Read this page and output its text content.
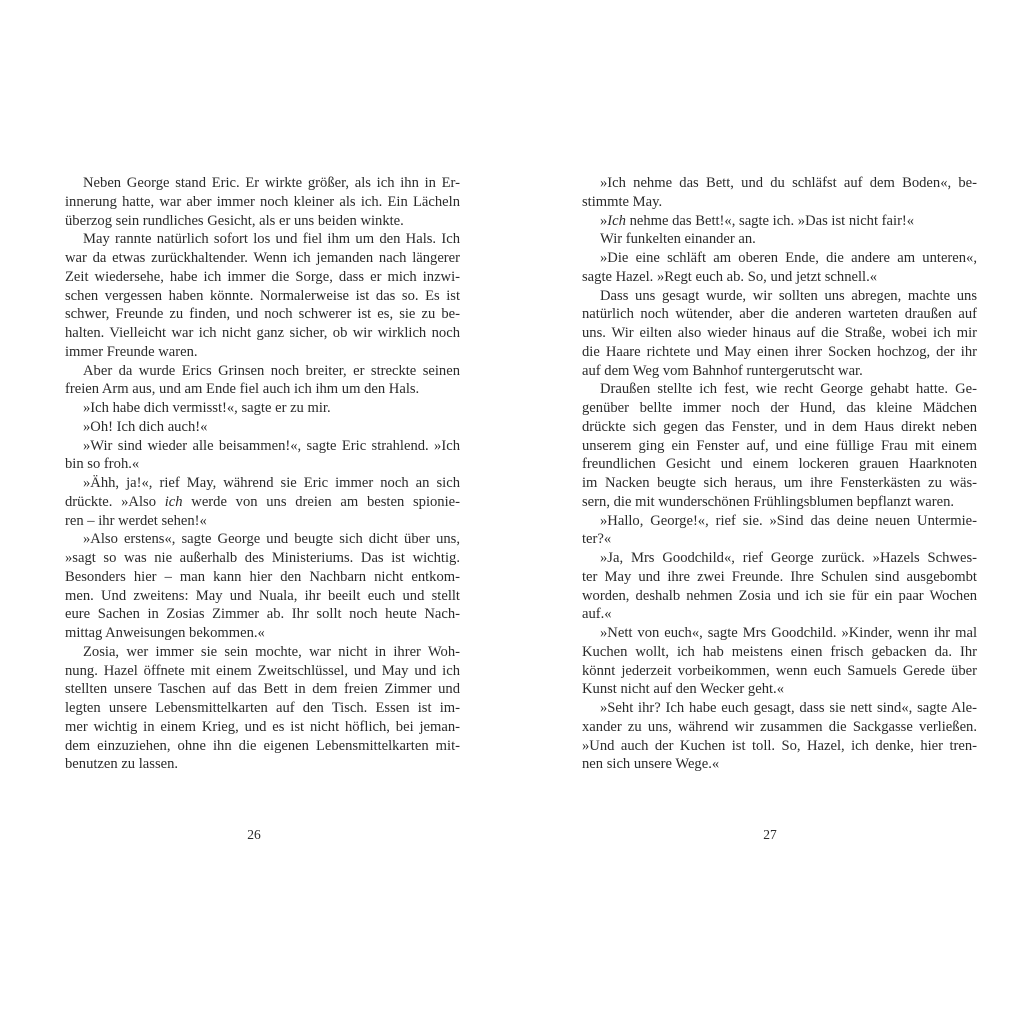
Neben George stand Eric. Er wirkte größer, als ich ihn in Er-
innerung hatte, war aber immer noch kleiner als ich. Ein Lächeln
überzog sein rundliches Gesicht, als er uns beiden winkte.

May rannte natürlich sofort los und fiel ihm um den Hals. Ich
war da etwas zurückhaltender. Wenn ich jemanden nach längerer
Zeit wiedersehe, habe ich immer die Sorge, dass er mich inzwi-
schen vergessen haben könnte. Normalerweise ist das so. Es ist
schwer, Freunde zu finden, und noch schwerer ist es, sie zu be-
halten. Vielleicht war ich nicht ganz sicher, ob wir wirklich noch
immer Freunde waren.

Aber da wurde Erics Grinsen noch breiter, er streckte seinen
freien Arm aus, und am Ende fiel auch ich ihm um den Hals.

»Ich habe dich vermisst!«, sagte er zu mir.

»Oh! Ich dich auch!«

»Wir sind wieder alle beisammen!«, sagte Eric strahlend. »Ich
bin so froh.«

»Ähh, ja!«, rief May, während sie Eric immer noch an sich
drückte. »Also ich werde von uns dreien am besten spionie-
ren – ihr werdet sehen!«

»Also erstens«, sagte George und beugte sich dicht über uns,
»sagt so was nie außerhalb des Ministeriums. Das ist wichtig.
Besonders hier – man kann hier den Nachbarn nicht entkom-
men. Und zweitens: May und Nuala, ihr beeilt euch und stellt
eure Sachen in Zosias Zimmer ab. Ihr sollt noch heute Nach-
mittag Anweisungen bekommen.«

Zosia, wer immer sie sein mochte, war nicht in ihrer Woh-
nung. Hazel öffnete mit einem Zweitschlüssel, und May und ich
stellten unsere Taschen auf das Bett in dem freien Zimmer und
legten unsere Lebensmittelkarten auf den Tisch. Essen ist im-
mer wichtig in einem Krieg, und es ist nicht höflich, bei jeman-
dem einzuziehen, ohne ihn die eigenen Lebensmittelkarten mit-
benutzen zu lassen.

26

»Ich nehme das Bett, und du schläfst auf dem Boden«, be-
stimmte May.

»Ich nehme das Bett!«, sagte ich. »Das ist nicht fair!«

Wir funkelten einander an.

»Die eine schläft am oberen Ende, die andere am unteren«,
sagte Hazel. »Regt euch ab. So, und jetzt schnell.«

Dass uns gesagt wurde, wir sollten uns abregen, machte uns
natürlich noch wütender, aber die anderen warteten draußen auf
uns. Wir eilten also wieder hinaus auf die Straße, wobei ich mir
die Haare richtete und May einen ihrer Socken hochzog, der ihr
auf dem Weg vom Bahnhof runtergerutscht war.

Draußen stellte ich fest, wie recht George gehabt hatte. Ge-
genüber bellte immer noch der Hund, das kleine Mädchen
drückte sich gegen das Fenster, und in dem Haus direkt neben
unserem ging ein Fenster auf, und eine füllige Frau mit einem
freundlichen Gesicht und einem lockeren grauen Haarknoten
im Nacken beugte sich heraus, um ihre Fensterkästen zu wäs-
sern, die mit wunderschönen Frühlingsblumen bepflanzt waren.

»Hallo, George!«, rief sie. »Sind das deine neuen Untermie-
ter?«

»Ja, Mrs Goodchild«, rief George zurück. »Hazels Schwes-
ter May und ihre zwei Freunde. Ihre Schulen sind ausgebombt
worden, deshalb nehmen Zosia und ich sie für ein paar Wochen
auf.«

»Nett von euch«, sagte Mrs Goodchild. »Kinder, wenn ihr mal
Kuchen wollt, ich hab meistens einen frisch gebacken da. Ihr
könnt jederzeit vorbeikommen, wenn euch Samuels Gerede über
Kunst nicht auf den Wecker geht.«

»Seht ihr? Ich habe euch gesagt, dass sie nett sind«, sagte Ale-
xander zu uns, während wir zusammen die Sackgasse verließen.
»Und auch der Kuchen ist toll. So, Hazel, ich denke, hier tren-
nen sich unsere Wege.«

27
